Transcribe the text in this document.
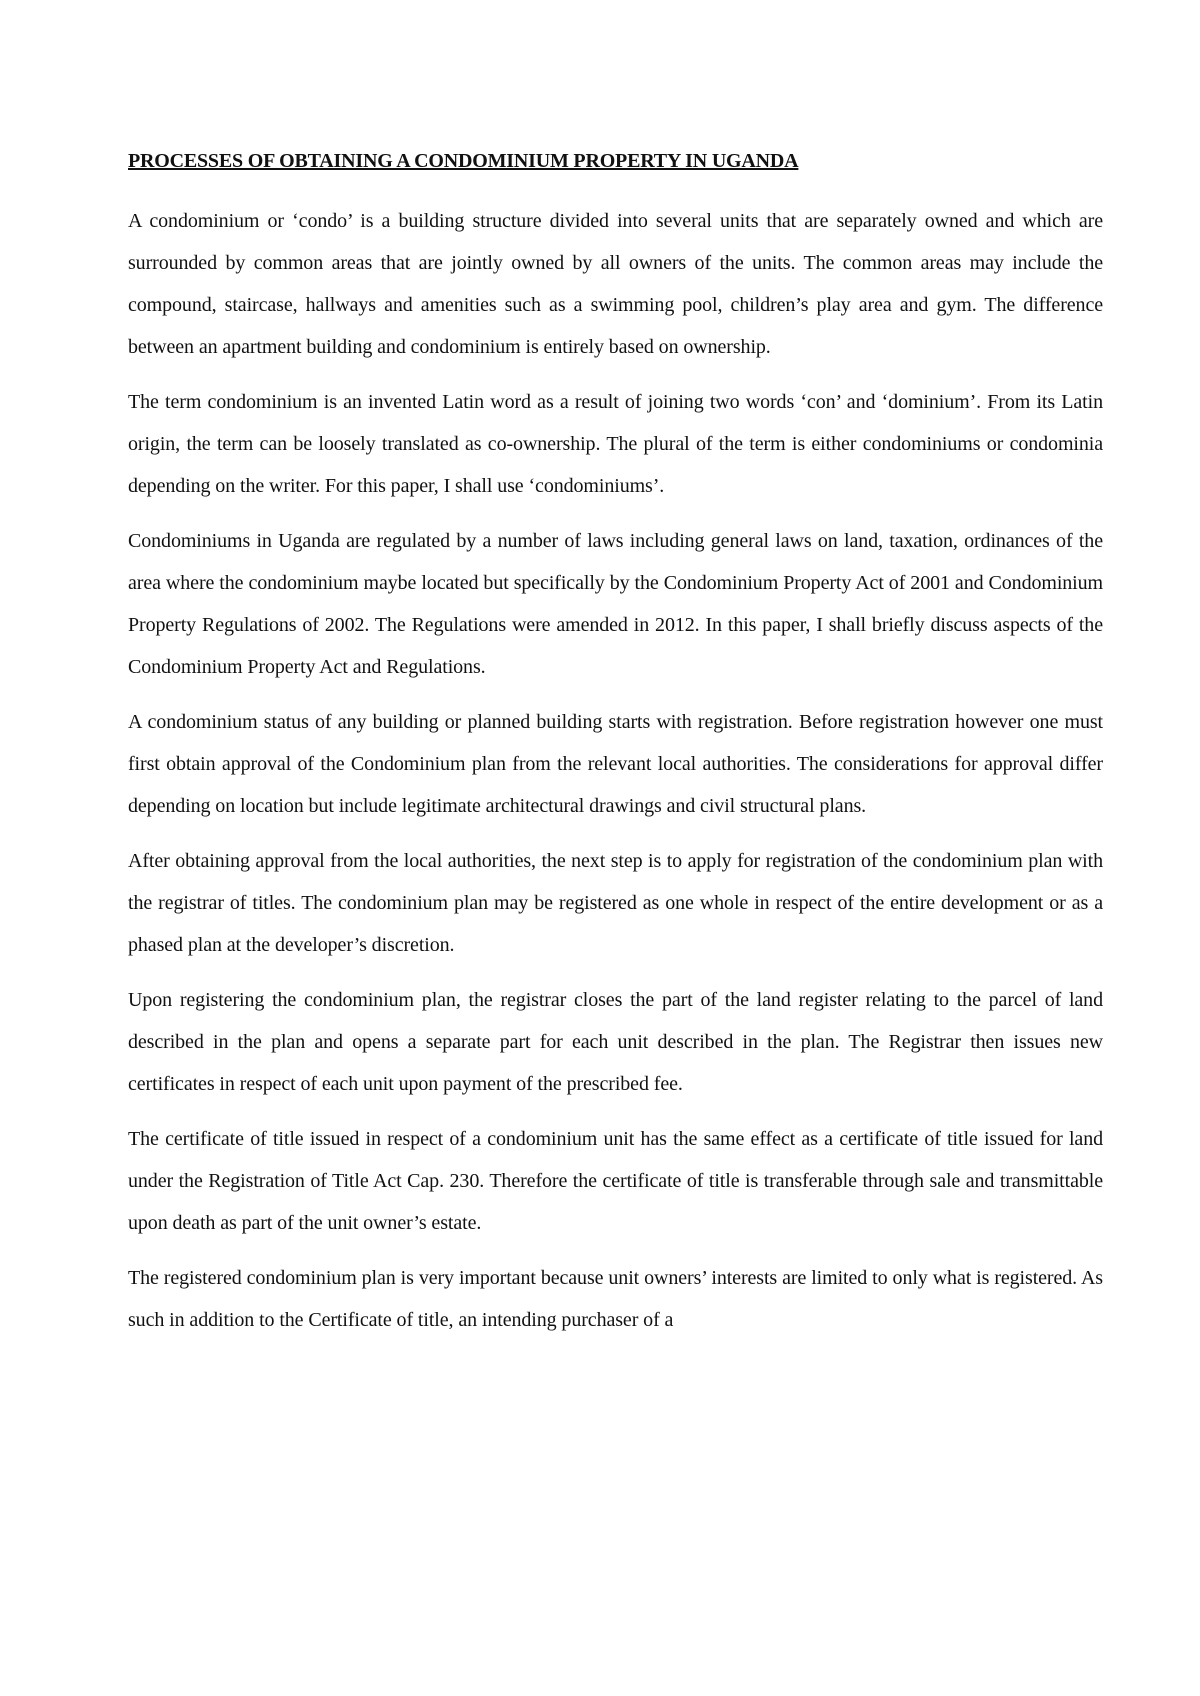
PROCESSES OF OBTAINING A CONDOMINIUM PROPERTY IN UGANDA

A condominium or ‘condo’ is a building structure divided into several units that are separately owned and which are surrounded by common areas that are jointly owned by all owners of the units. The common areas may include the compound, staircase, hallways and amenities such as a swimming pool, children’s play area and gym. The difference between an apartment building and condominium is entirely based on ownership.

The term condominium is an invented Latin word as a result of joining two words ‘con’ and ‘dominium’. From its Latin origin, the term can be loosely translated as co-ownership. The plural of the term is either condominiums or condominia depending on the writer. For this paper, I shall use ‘condominiums’.

Condominiums in Uganda are regulated by a number of laws including general laws on land, taxation, ordinances of the area where the condominium maybe located but specifically by the Condominium Property Act of 2001 and Condominium Property Regulations of 2002. The Regulations were amended in 2012. In this paper, I shall briefly discuss aspects of the Condominium Property Act and Regulations.

A condominium status of any building or planned building starts with registration. Before registration however one must first obtain approval of the Condominium plan from the relevant local authorities. The considerations for approval differ depending on location but include legitimate architectural drawings and civil structural plans.

After obtaining approval from the local authorities, the next step is to apply for registration of the condominium plan with the registrar of titles. The condominium plan may be registered as one whole in respect of the entire development or as a phased plan at the developer’s discretion.

Upon registering the condominium plan, the registrar closes the part of the land register relating to the parcel of land described in the plan and opens a separate part for each unit described in the plan. The Registrar then issues new certificates in respect of each unit upon payment of the prescribed fee.

The certificate of title issued in respect of a condominium unit has the same effect as a certificate of title issued for land under the Registration of Title Act Cap. 230. Therefore the certificate of title is transferable through sale and transmittable upon death as part of the unit owner’s estate.

The registered condominium plan is very important because unit owners’ interests are limited to only what is registered. As such in addition to the Certificate of title, an intending purchaser of a
